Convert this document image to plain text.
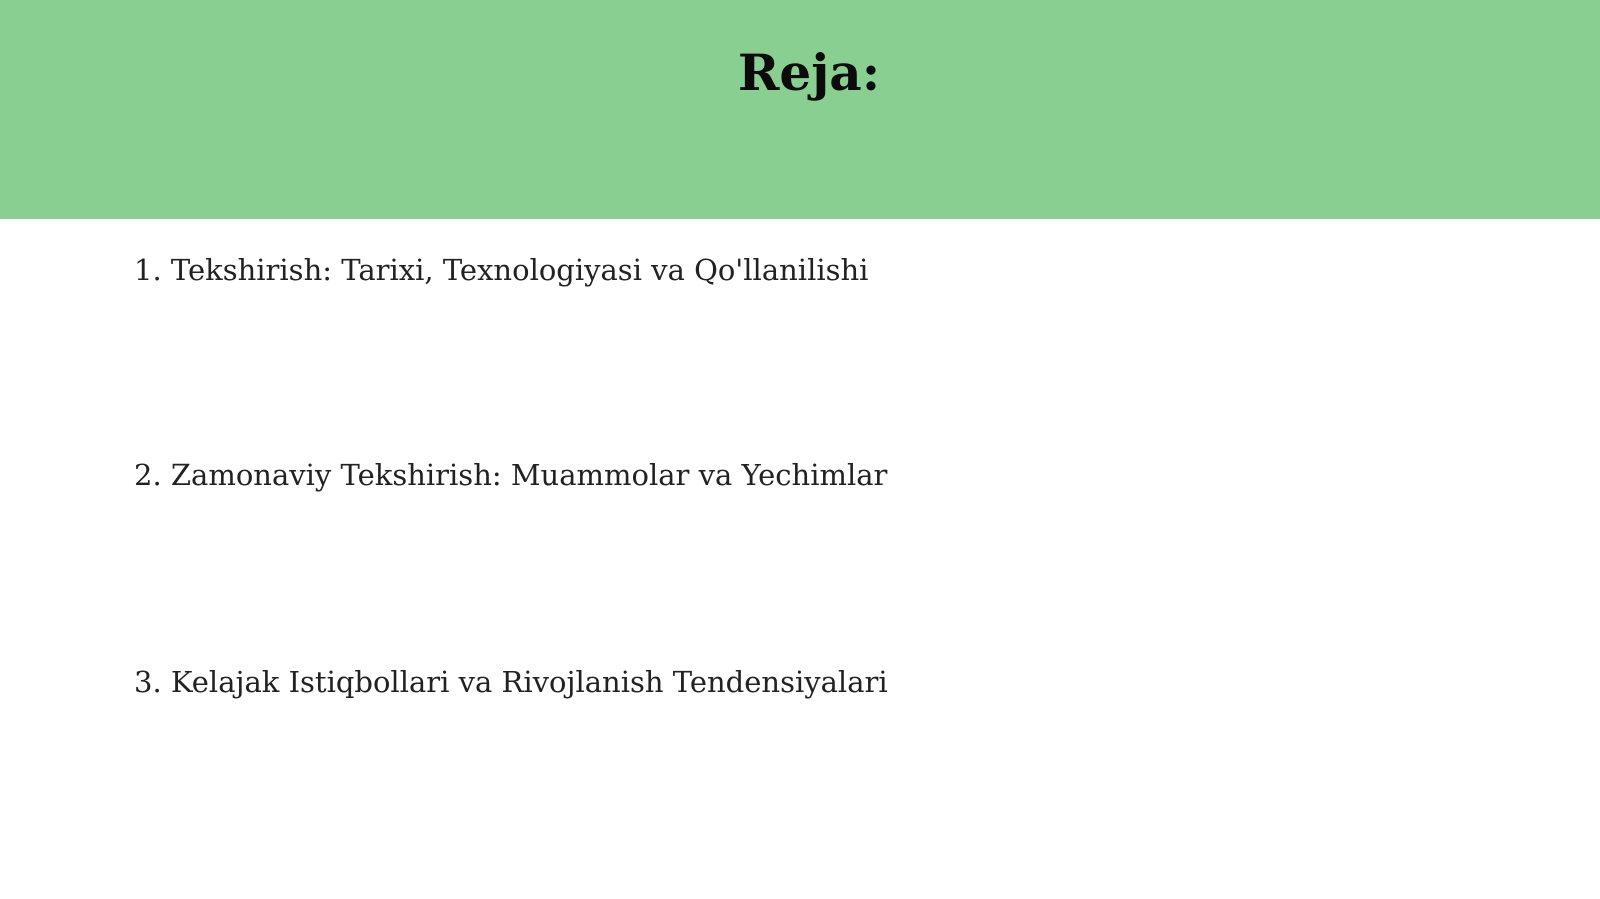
Reja:

1. Tekshirish: Tarixi, Texnologiyasi va Qo'llanilishi

2. Zamonaviy Tekshirish: Muammolar va Yechimlar

3. Kelajak Istiqbollari va Rivojlanish Tendensiyalari
